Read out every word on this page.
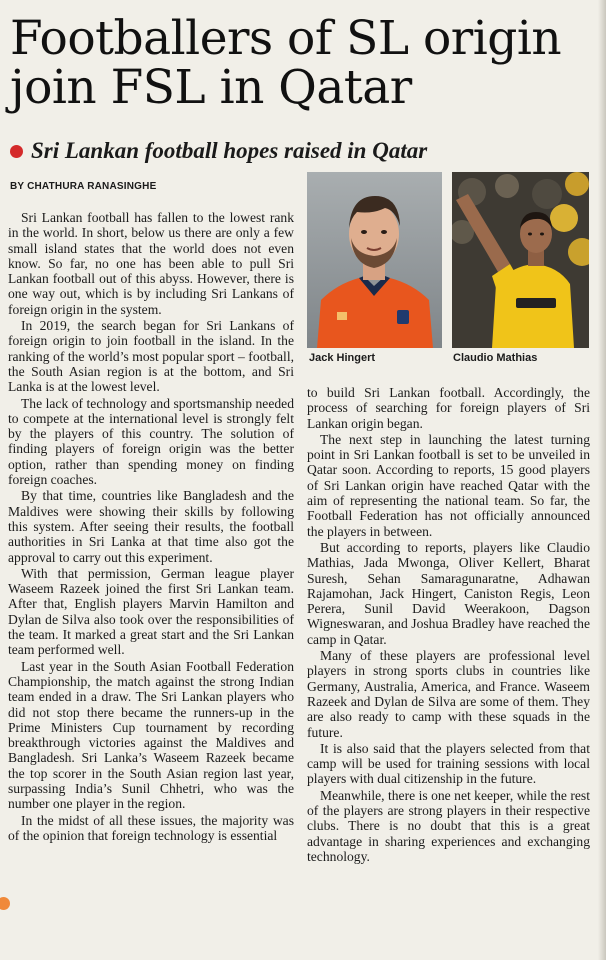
Footballers of SL origin join FSL in Qatar
Sri Lankan football hopes raised in Qatar
BY CHATHURA RANASINGHE

Sri Lankan football has fallen to the lowest rank in the world. In short, below us there are only a few small island states that the world does not even know. So far, no one has been able to pull Sri Lankan football out of this abyss. However, there is one way out, which is by including Sri Lankans of foreign origin in the system.

In 2019, the search began for Sri Lankans of foreign origin to join football in the island. In the ranking of the world’s most popular sport – football, the South Asian region is at the bottom, and Sri Lanka is at the lowest level.

The lack of technology and sportsmanship needed to compete at the international level is strongly felt by the players of this country. The solution of finding players of foreign origin was the better option, rather than spending money on finding foreign coaches.

By that time, countries like Bangladesh and the Maldives were showing their skills by following this system. After seeing their results, the football authorities in Sri Lanka at that time also got the approval to carry out this experiment.

With that permission, German league player Waseem Razeek joined the first Sri Lankan team. After that, English players Marvin Hamilton and Dylan de Silva also took over the responsibilities of the team. It marked a great start and the Sri Lankan team performed well.

Last year in the South Asian Football Federation Championship, the match against the strong Indian team ended in a draw. The Sri Lankan players who did not stop there became the runners-up in the Prime Ministers Cup tournament by recording breakthrough victories against the Maldives and Bangladesh. Sri Lanka’s Waseem Razeek became the top scorer in the South Asian region last year, surpassing India’s Sunil Chhetri, who was the number one player in the region.

In the midst of all these issues, the majority was of the opinion that foreign technology is essential

Jack Hingert	Claudio Mathias

to build Sri Lankan football. Accordingly, the process of searching for foreign players of Sri Lankan origin began.

The next step in launching the latest turning point in Sri Lankan football is set to be unveiled in Qatar soon. According to reports, 15 good players of Sri Lankan origin have reached Qatar with the aim of representing the national team. So far, the Football Federation has not officially announced the players in between.

But according to reports, players like Claudio Mathias, Jada Mwonga, Oliver Kellert, Bharat Suresh, Sehan Samaragunaratne, Adhawan Rajamohan, Jack Hingert, Caniston Regis, Leon Perera, Sunil David Weerakoon, Dagson Wigneswaran, and Joshua Bradley have reached the camp in Qatar.

Many of these players are professional level players in strong sports clubs in countries like Germany, Australia, America, and France. Waseem Razeek and Dylan de Silva are some of them. They are also ready to camp with these squads in the future.

It is also said that the players selected from that camp will be used for training sessions with local players with dual citizenship in the future.

Meanwhile, there is one net keeper, while the rest of the players are strong players in their respective clubs. There is no doubt that this is a great advantage in sharing experiences and exchanging technology.
